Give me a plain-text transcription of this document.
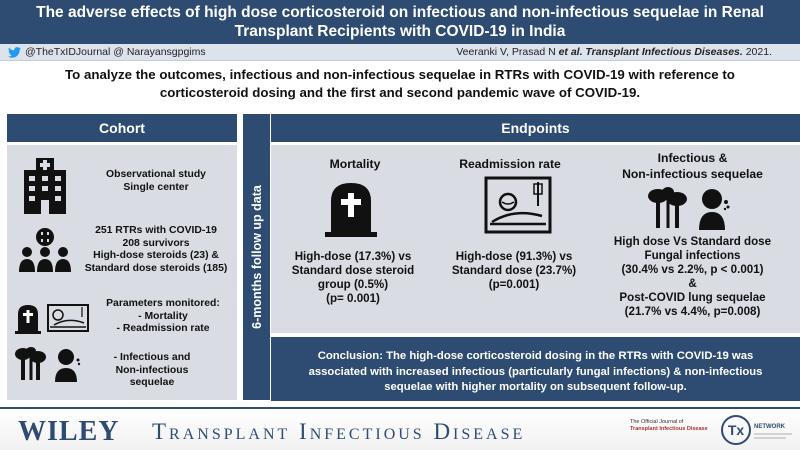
The adverse effects of high dose corticosteroid on infectious and non-infectious sequelae in Renal
Transplant Recipients with COVID-19 in India
@TheTxIDJournal @ Narayansgpgims	Veeranki V, Prasad N et al. Transplant Infectious Diseases. 2021.
To analyze the outcomes, infectious and non-infectious sequelae in RTRs with COVID-19 with reference to
corticosteroid dosing and the first and second pandemic wave of COVID-19.
Cohort
Observational study
Single center
251 RTRs with COVID-19
208 survivors
High-dose steroids (23) &
Standard dose steroids (185)
Parameters monitored:
- Mortality
- Readmission rate
- Infectious and
Non-infectious
sequelae
6-months follow up data
Endpoints
Mortality
High-dose (17.3%) vs
Standard dose steroid
group (0.5%)
(p= 0.001)
Readmission rate
High-dose (91.3%) vs
Standard dose (23.7%)
(p=0.001)
Infectious &
Non-infectious sequelae
High dose Vs Standard dose
Fungal infections
(30.4% vs 2.2%, p < 0.001)
&
Post-COVID lung sequelae
(21.7% vs 4.4%, p=0.008)
Conclusion: The high-dose corticosteroid dosing in the RTRs with COVID-19 was
associated with increased infectious (particularly fungal infections) & non-infectious
sequelae with higher mortality on subsequent follow-up.
WILEY Transplant Infectious Disease	The Official Journal of
Transplant Infectious Disease	Tx NETWORK
